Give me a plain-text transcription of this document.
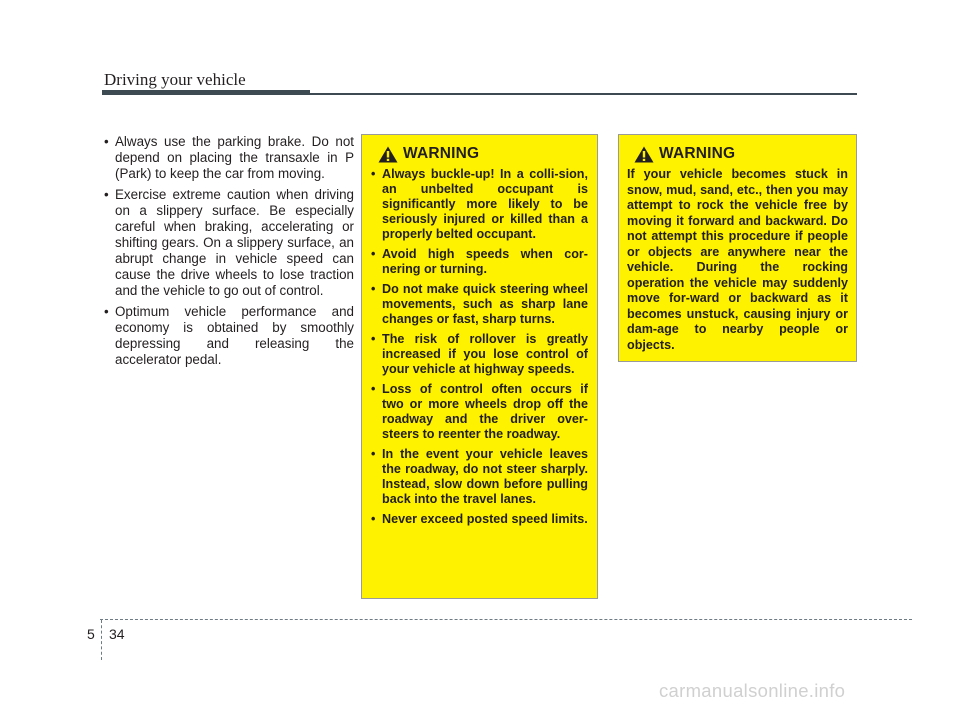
Driving your vehicle
• Always use the parking brake. Do not depend on placing the transaxle in P (Park) to keep the car from moving.
• Exercise extreme caution when driving on a slippery surface. Be especially careful when braking, accelerating or shifting gears. On a slippery surface, an abrupt change in vehicle speed can cause the drive wheels to lose traction and the vehicle to go out of control.
• Optimum vehicle performance and economy is obtained by smoothly depressing and releasing the accelerator pedal.
WARNING
• Always buckle-up! In a colli-sion, an unbelted occupant is significantly more likely to be seriously injured or killed than a properly belted occupant.
• Avoid high speeds when cor-nering or turning.
• Do not make quick steering wheel movements, such as sharp lane changes or fast, sharp turns.
• The risk of rollover is greatly increased if you lose control of your vehicle at highway speeds.
• Loss of control often occurs if two or more wheels drop off the roadway and the driver over-steers to reenter the roadway.
• In the event your vehicle leaves the roadway, do not steer sharply. Instead, slow down before pulling back into the travel lanes.
• Never exceed posted speed limits.
WARNING
If your vehicle becomes stuck in snow, mud, sand, etc., then you may attempt to rock the vehicle free by moving it forward and backward. Do not attempt this procedure if people or objects are anywhere near the vehicle. During the rocking operation the vehicle may suddenly move for-ward or backward as it becomes unstuck, causing injury or dam-age to nearby people or objects.
5 34
carmanualsonline.info
